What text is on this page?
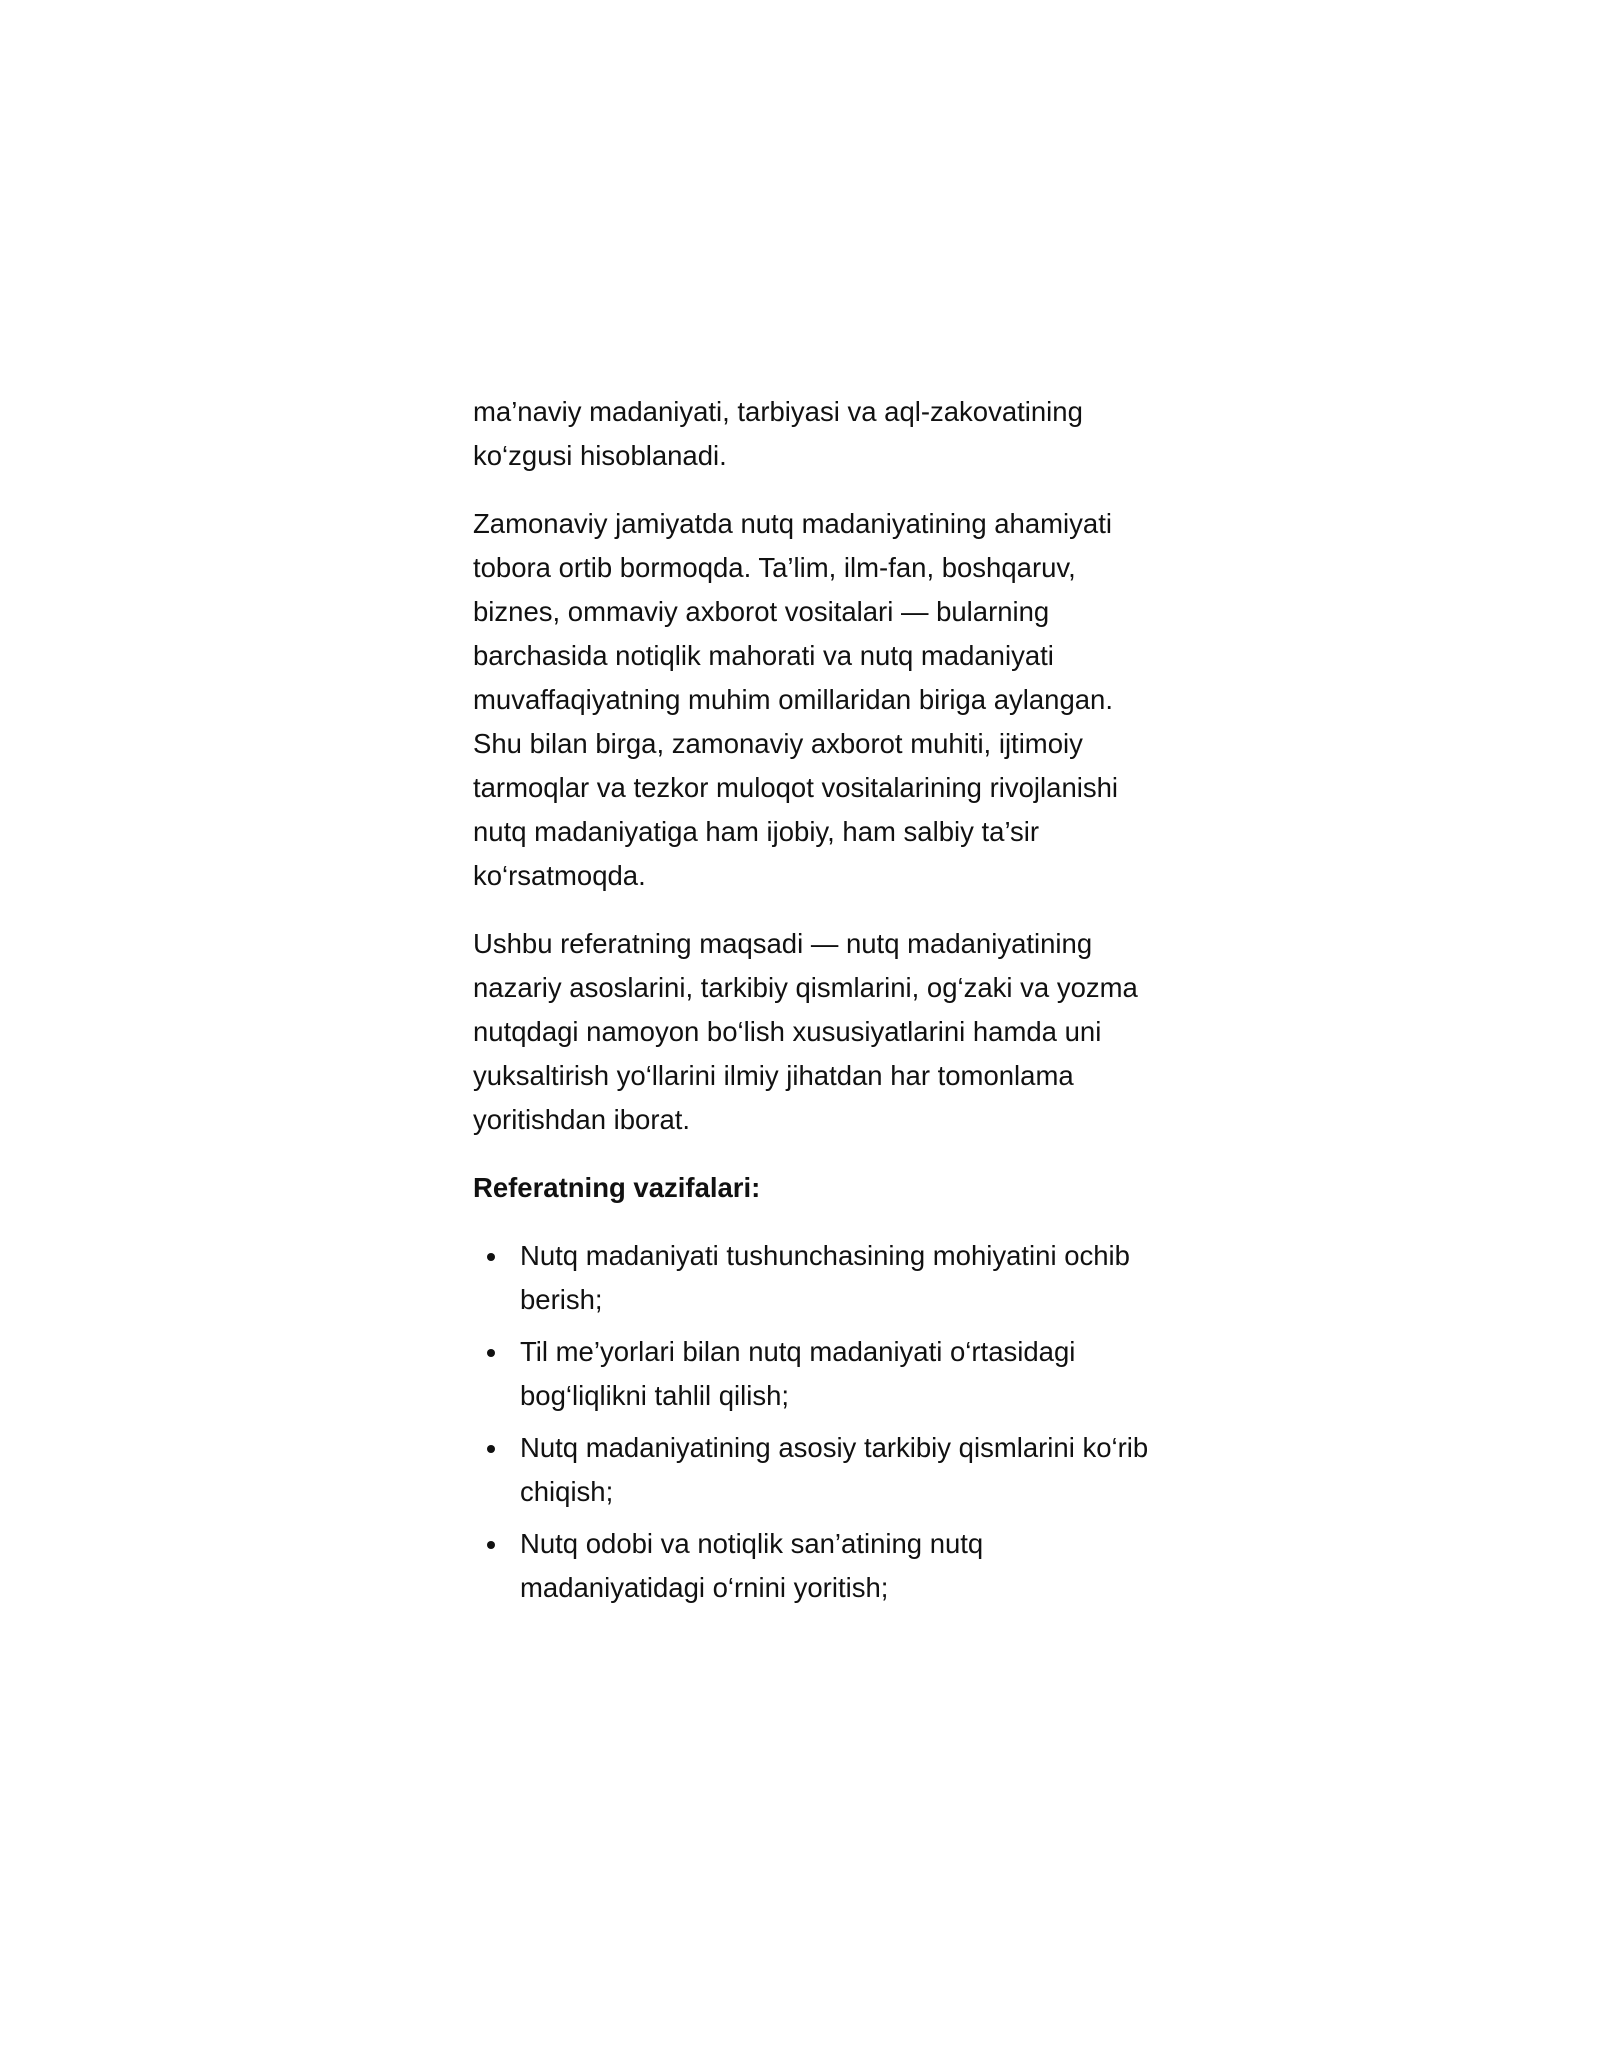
ma’naviy madaniyati, tarbiyasi va aql-zakovatining ko‘zgusi hisoblanadi.

Zamonaviy jamiyatda nutq madaniyatining ahamiyati tobora ortib bormoqda. Ta’lim, ilm-fan, boshqaruv, biznes, ommaviy axborot vositalari — bularning barchasida notiqlik mahorati va nutq madaniyati muvaffaqiyatning muhim omillaridan biriga aylangan. Shu bilan birga, zamonaviy axborot muhiti, ijtimoiy tarmoqlar va tezkor muloqot vositalarining rivojlanishi nutq madaniyatiga ham ijobiy, ham salbiy ta’sir ko‘rsatmoqda.

Ushbu referatning maqsadi — nutq madaniyatining nazariy asoslarini, tarkibiy qismlarini, og‘zaki va yozma nutqdagi namoyon bo‘lish xususiyatlarini hamda uni yuksaltirish yo‘llarini ilmiy jihatdan har tomonlama yoritishdan iborat.

Referatning vazifalari:
Nutq madaniyati tushunchasining mohiyatini ochib berish;
Til me’yorlari bilan nutq madaniyati o‘rtasidagi bog‘liqlikni tahlil qilish;
Nutq madaniyatining asosiy tarkibiy qismlarini ko‘rib chiqish;
Nutq odobi va notiqlik san’atining nutq madaniyatidagi o‘rnini yoritish;
